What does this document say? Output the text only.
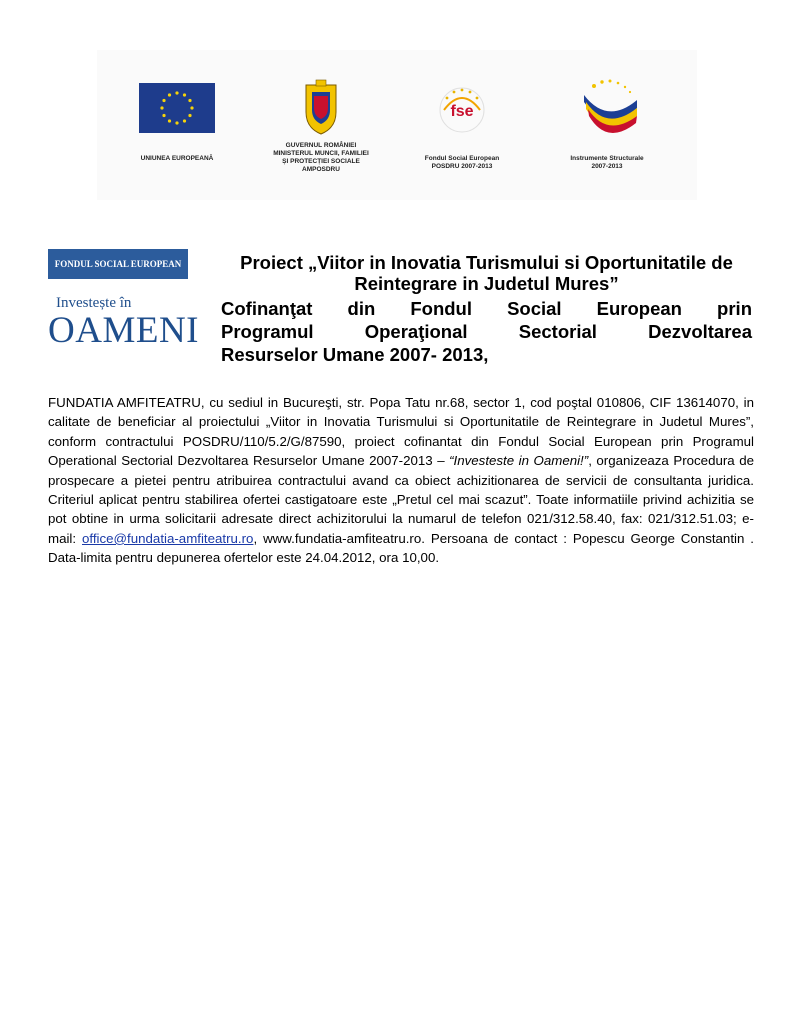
UNIUNEA EUROPEANĂ
GUVERNUL ROMÂNIEI
MINISTERUL MUNCII, FAMILIEI
ȘI PROTECȚIEI SOCIALE
AMPOSDRU
fse
Fondul Social European
POSDRU 2007-2013
Instrumente Structurale
2007-2013
FONDUL SOCIAL EUROPEAN
Investește în
OAMENI
Proiect „Viitor in Inovatia Turismului si Oportunitatile de Reintegrare in Judetul Mures”
Cofinanţat din Fondul Social European prin
Programul Operaţional Sectorial Dezvoltarea
Resurselor Umane 2007- 2013,

FUNDATIA AMFITEATRU, cu sediul in Bucureşti, str. Popa Tatu nr.68, sector 1, cod poştal 010806, CIF 13614070, in calitate de beneficiar al proiectului „Viitor in Inovatia Turismului si Oportunitatile de Reintegrare in Judetul Mures”, conform contractului POSDRU/110/5.2/G/87590, proiect cofinantat din Fondul Social European prin Programul Operational Sectorial Dezvoltarea Resurselor Umane 2007-2013 – “Investeste in Oameni!”, organizeaza Procedura de prospecare a pietei pentru atribuirea contractului avand ca obiect achizitionarea de servicii de consultanta juridica. Criteriul aplicat pentru stabilirea ofertei castigatoare este „Pretul cel mai scazut”. Toate informatiile privind achizitia se pot obtine in urma solicitarii adresate direct achizitorului la numarul de telefon 021/312.58.40, fax: 021/312.51.03; e-mail: office@fundatia-amfiteatru.ro, www.fundatia-amfiteatru.ro. Persoana de contact : Popescu George Constantin . Data-limita pentru depunerea ofertelor este 24.04.2012, ora 10,00.
